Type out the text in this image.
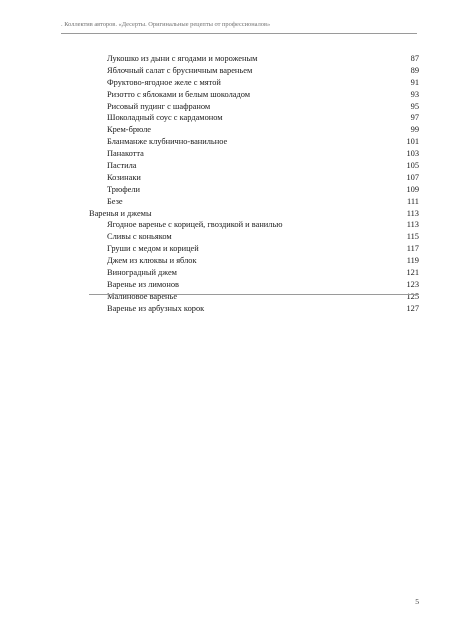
. Коллектив авторов. «Десерты. Оригинальные рецепты от профессионалов»
Лукошко из дыни с ягодами и мороженым	87
Яблочный салат с брусничным вареньем	89
Фруктово-ягодное желе с мятой	91
Ризотто с яблоками и белым шоколадом	93
Рисовый пудинг с шафраном	95
Шоколадный соус с кардамоном	97
Крем-брюле	99
Бланманже клубнично-ванильное	101
Панакотта	103
Пастила	105
Козинаки	107
Трюфели	109
Безе	111
Варенья и джемы	113
Ягодное варенье с корицей, гвоздикой и ванилью	113
Сливы с коньяком	115
Груши с медом и корицей	117
Джем из клюквы и яблок	119
Виноградный джем	121
Варенье из лимонов	123
Малиновое варенье	125
Варенье из арбузных корок	127
5
